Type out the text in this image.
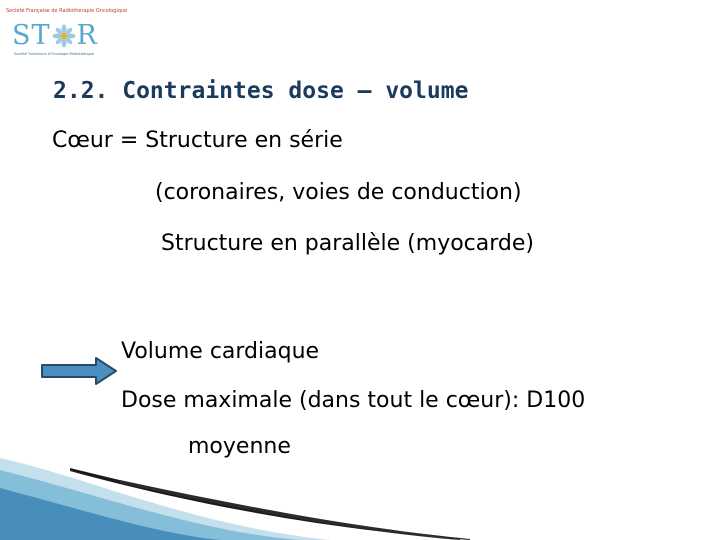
Société Française de Radiothérapie Oncologique
ST R
Société Tunisienne d'Oncologie Radiothérapie
2.2. Contraintes dose – volume
Cœur = Structure en série
(coronaires, voies de conduction)
Structure en parallèle (myocarde)
Volume cardiaque
Dose maximale (dans tout le cœur): D100
moyenne
